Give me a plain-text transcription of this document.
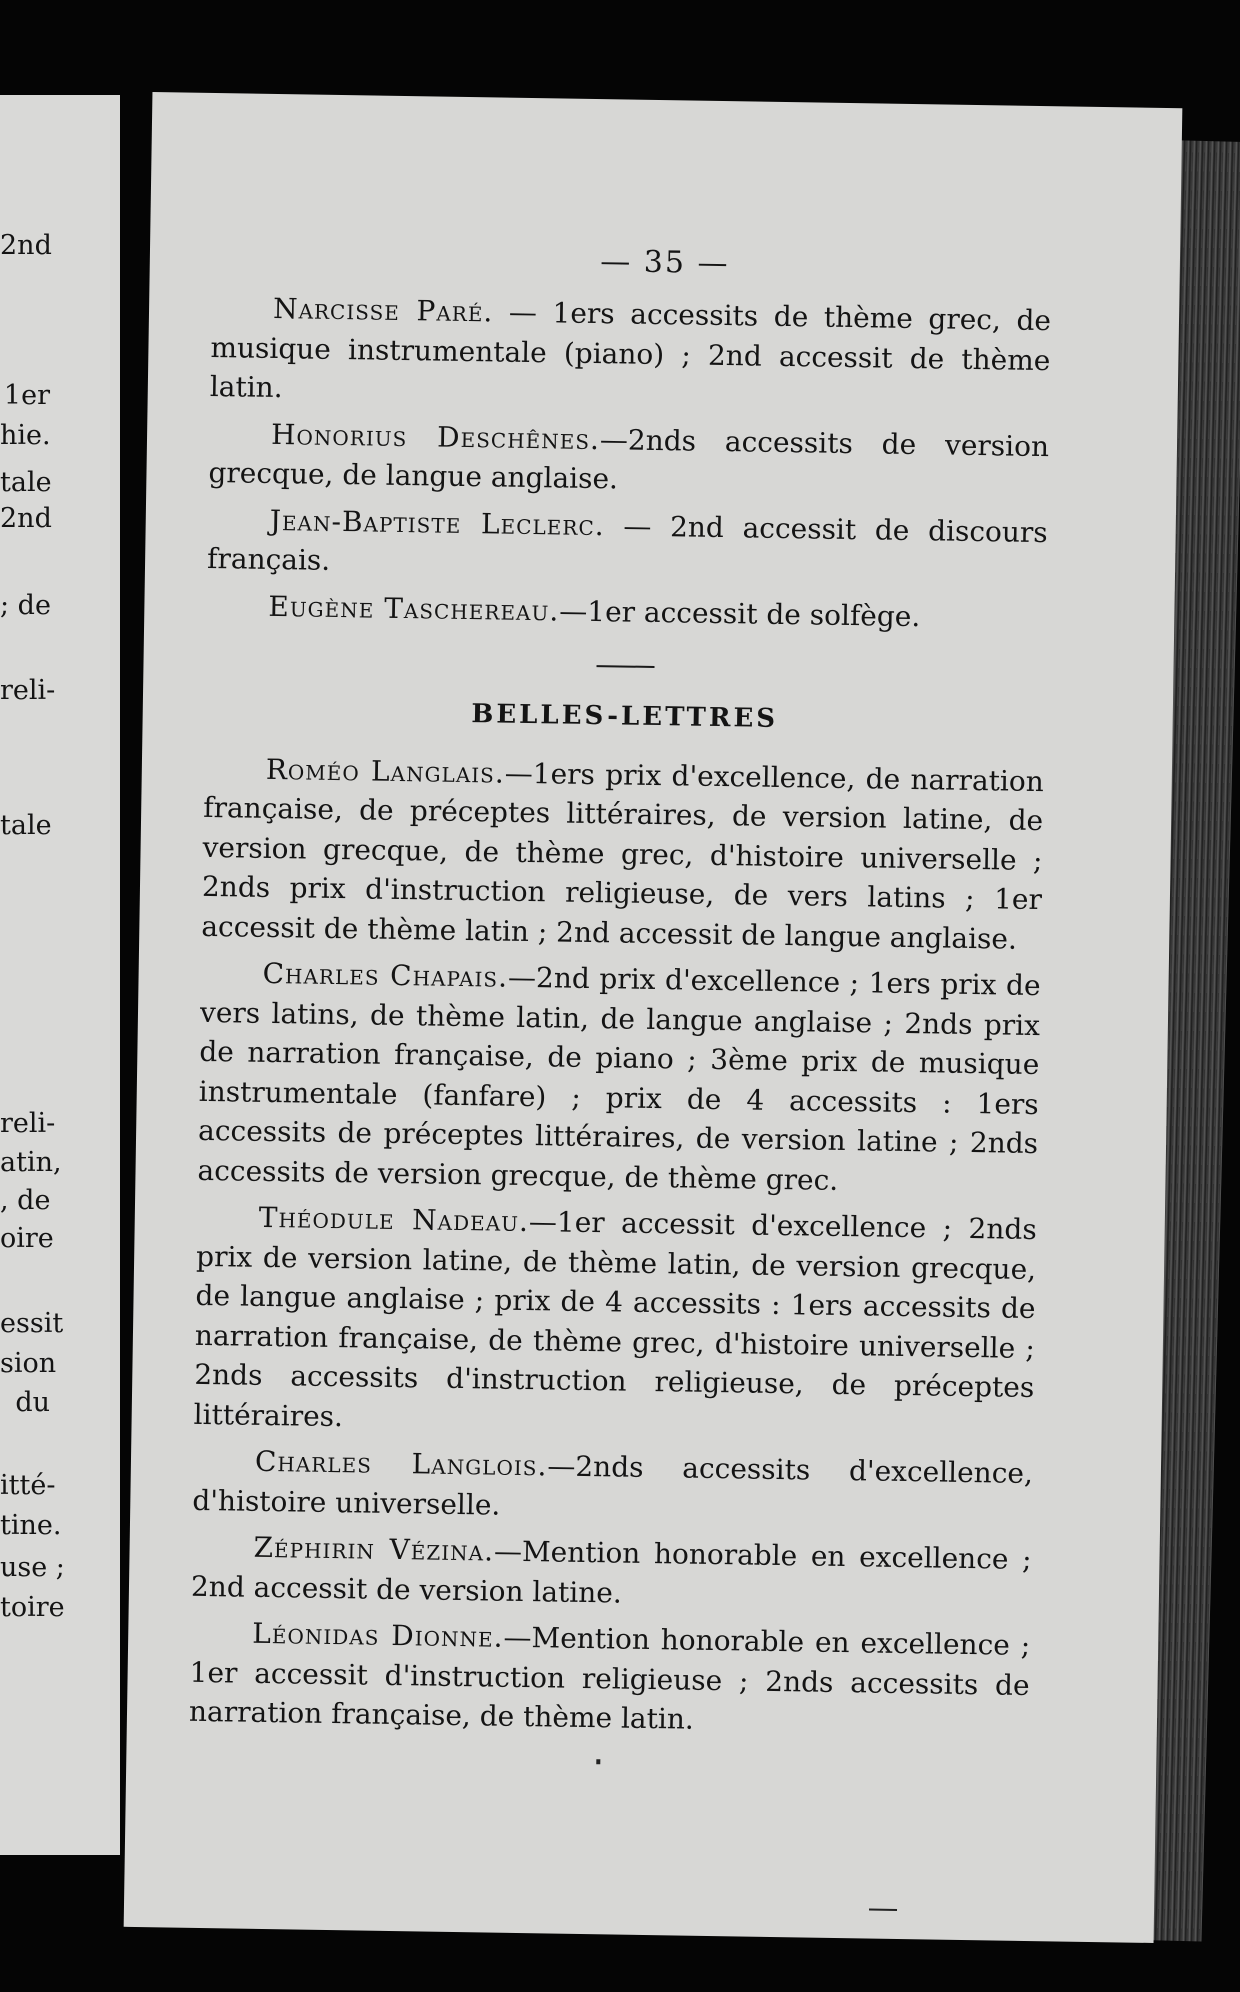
2nd
1er
hie.
tale
2nd
; de
reli-
tale
reli-
atin,
, de
oire
essit
sion
du
itté-
tine.
use ;
toire
— 35 —

Narcisse Paré. — 1ers accessits de thème grec, de musique instrumentale (piano) ; 2nd accessit de thème latin.

Honorius Deschênes.—2nds accessits de version grecque, de langue anglaise.

Jean-Baptiste Leclerc. — 2nd accessit de discours français.

Eugène Taschereau.—1er accessit de solfège.

BELLES-LETTRES

Roméo Langlais.—1ers prix d'excellence, de narration française, de préceptes littéraires, de version latine, de version grecque, de thème grec, d'histoire universelle ; 2nds prix d'instruction religieuse, de vers latins ; 1er accessit de thème latin ; 2nd accessit de langue anglaise.

Charles Chapais.—2nd prix d'excellence ; 1ers prix de vers latins, de thème latin, de langue anglaise ; 2nds prix de narration française, de piano ; 3ème prix de musique instrumentale (fanfare) ; prix de 4 accessits : 1ers accessits de préceptes littéraires, de version latine ; 2nds accessits de version grecque, de thème grec.

Théodule Nadeau.—1er accessit d'excellence ; 2nds prix de version latine, de thème latin, de version grecque, de langue anglaise ; prix de 4 accessits : 1ers accessits de narration française, de thème grec, d'histoire universelle ; 2nds accessits d'instruction religieuse, de préceptes littéraires.

Charles Langlois.—2nds accessits d'excellence, d'histoire universelle.

Zéphirin Vézina.—Mention honorable en excellence ; 2nd accessit de version latine.

Léonidas Dionne.—Mention honorable en excellence ; 1er accessit d'instruction religieuse ; 2nds accessits de narration française, de thème latin.
